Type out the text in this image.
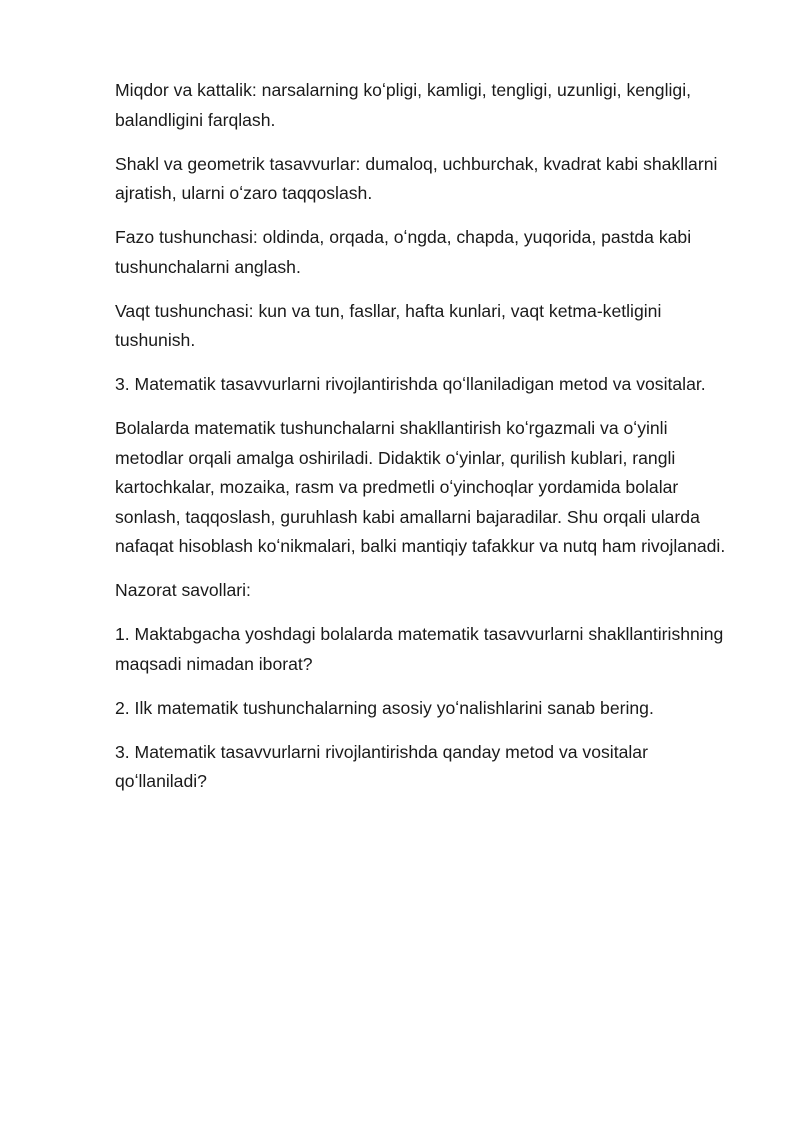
Miqdor va kattalik: narsalarning koʻpligi, kamligi, tengligi, uzunligi, kengligi, balandligini farqlash.

Shakl va geometrik tasavvurlar: dumaloq, uchburchak, kvadrat kabi shakllarni ajratish, ularni oʻzaro taqqoslash.

Fazo tushunchasi: oldinda, orqada, oʻngda, chapda, yuqorida, pastda kabi tushunchalarni anglash.

Vaqt tushunchasi: kun va tun, fasllar, hafta kunlari, vaqt ketma-ketligini tushunish.

3. Matematik tasavvurlarni rivojlantirishda qoʻllaniladigan metod va vositalar.

Bolalarda matematik tushunchalarni shakllantirish koʻrgazmali va oʻyinli metodlar orqali amalga oshiriladi. Didaktik oʻyinlar, qurilish kublari, rangli kartochkalar, mozaika, rasm va predmetli oʻyinchoqlar yordamida bolalar sonlash, taqqoslash, guruhlash kabi amallarni bajaradilar. Shu orqali ularda nafaqat hisoblash koʻnikmalari, balki mantiqiy tafakkur va nutq ham rivojlanadi.

Nazorat savollari:

1. Maktabgacha yoshdagi bolalarda matematik tasavvurlarni shakllantirishning maqsadi nimadan iborat?

2. Ilk matematik tushunchalarning asosiy yoʻnalishlarini sanab bering.

3. Matematik tasavvurlarni rivojlantirishda qanday metod va vositalar qoʻllaniladi?
